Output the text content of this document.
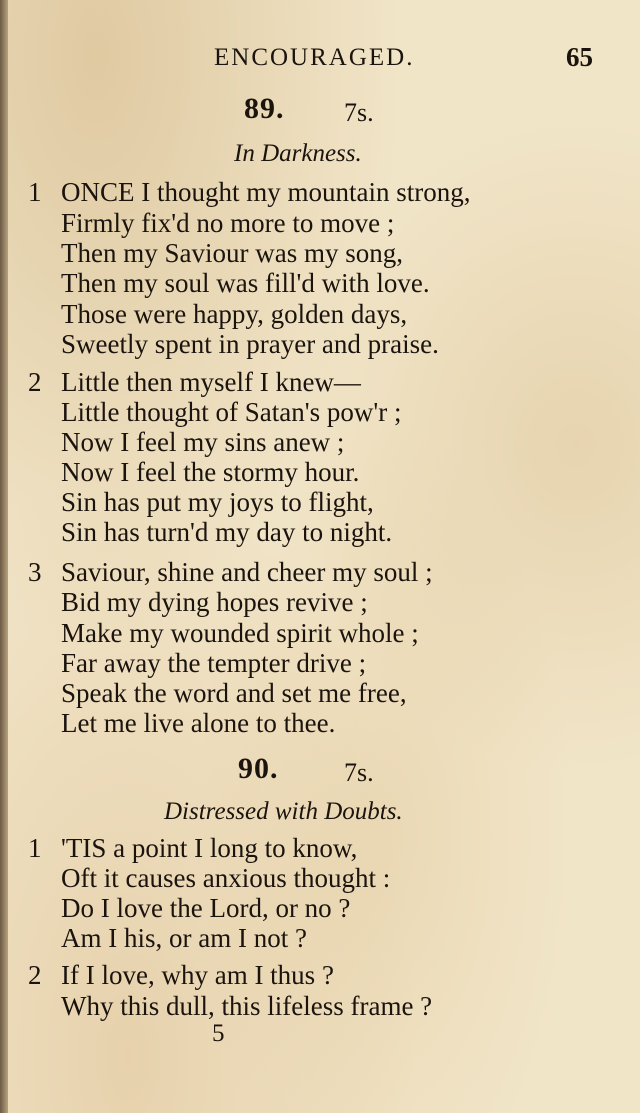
ENCOURAGED.	65
89. 7s.
In Darkness.
1 ONCE I thought my mountain strong,
Firmly fix'd no more to move ;
Then my Saviour was my song,
Then my soul was fill'd with love.
Those were happy, golden days,
Sweetly spent in prayer and praise.
2 Little then myself I knew—
Little thought of Satan's pow'r ;
Now I feel my sins anew ;
Now I feel the stormy hour.
Sin has put my joys to flight,
Sin has turn'd my day to night.
3 Saviour, shine and cheer my soul ;
Bid my dying hopes revive ;
Make my wounded spirit whole ;
Far away the tempter drive ;
Speak the word and set me free,
Let me live alone to thee.
90.	7s.
Distressed with Doubts.
1 'TIS a point I long to know,
Oft it causes anxious thought :
Do I love the Lord, or no ?
Am I his, or am I not ?
2 If I love, why am I thus ?
Why this dull, this lifeless frame ?
5
